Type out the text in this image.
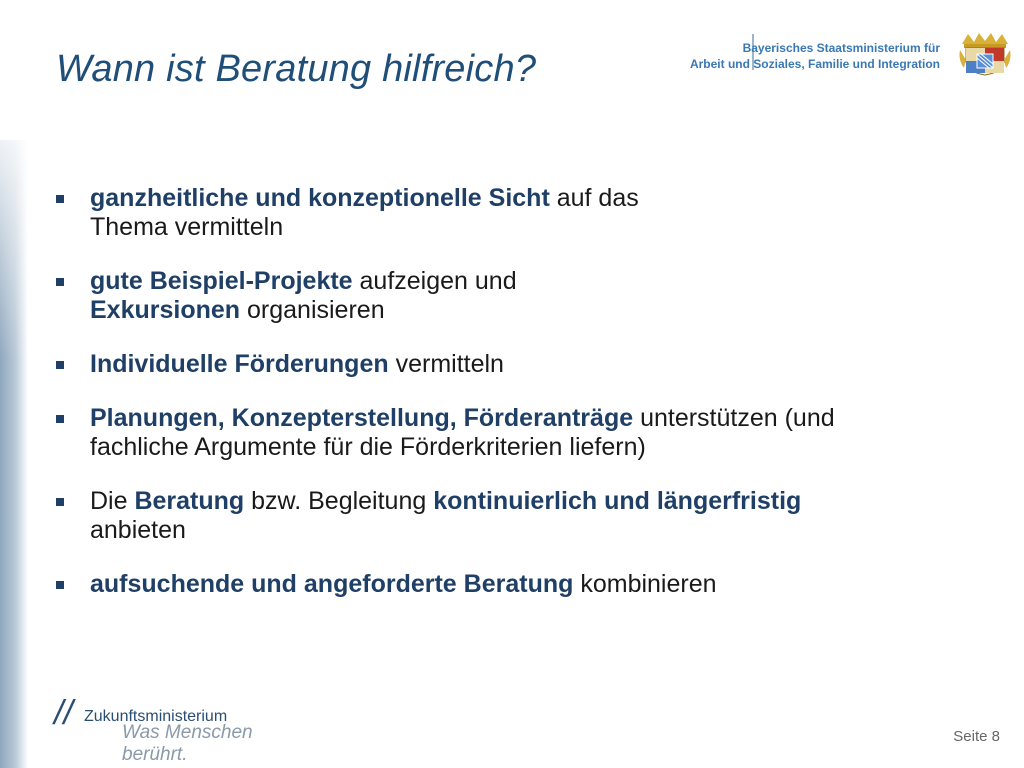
Wann ist Beratung hilfreich?	Bayerisches Staatsministerium für
Arbeit und Soziales, Familie und Integration
ganzheitliche und konzeptionelle Sicht auf das
Thema vermitteln
gute Beispiel-Projekte aufzeigen und
Exkursionen organisieren
Individuelle Förderungen vermitteln
Planungen, Konzepterstellung, Förderanträge unterstützen (und
fachliche Argumente für die Förderkriterien liefern)
Die Beratung bzw. Begleitung kontinuierlich und längerfristig
anbieten
aufsuchende und angeforderte Beratung kombinieren
// Zukunftsministerium
Was Menschen berührt.
Seite 8
